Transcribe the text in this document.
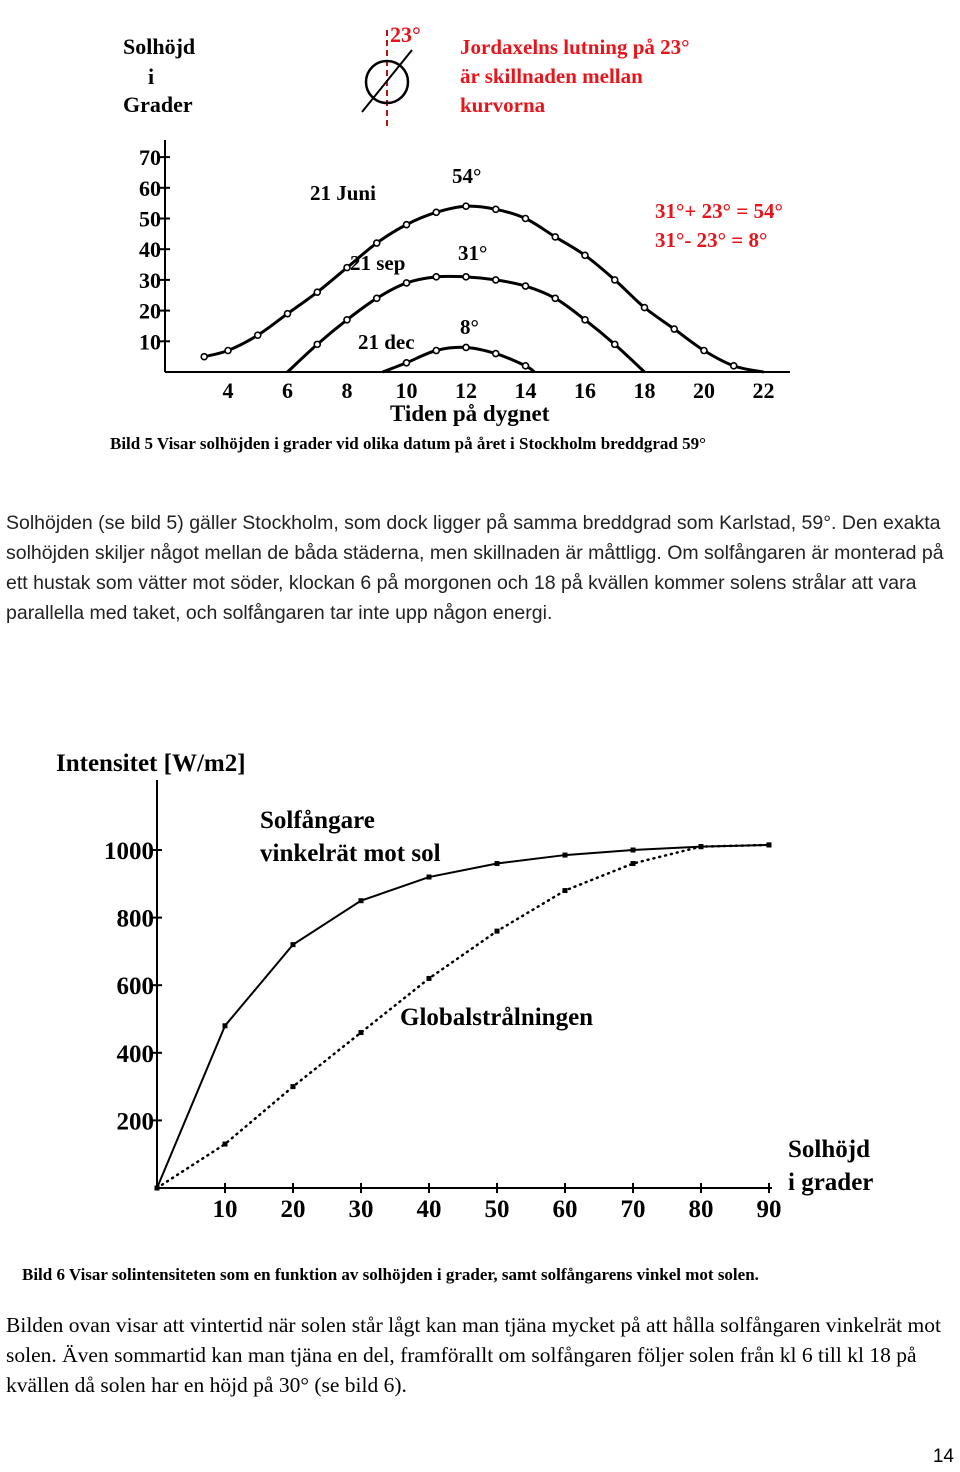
Solhöjd
i
Grader
10
20
30
40
50
60
70
4 6 8 10 12 14 16 18 20 22
Tiden på dygnet
23° Jordaxelns lutning på 23°
är skillnaden mellan
kurvorna
31°+ 23° = 54°
31°- 23° = 8°
21 Juni
21 sep
21 dec
54°
31°
8°
Bild 5 Visar solhöjden i grader vid olika datum på året i Stockholm breddgrad 59°

Solhöjden (se bild 5) gäller Stockholm, som dock ligger på samma breddgrad som Karlstad, 59°. Den exakta solhöjden skiljer något mellan de båda städerna, men skillnaden är måttligg. Om solfångaren är monterad på ett hustak som vätter mot söder, klockan 6 på morgonen och 18 på kvällen kommer solens strålar att vara parallella med taket, och solfångaren tar inte upp någon energi.

Intensitet [W/m2]
200
400
600
800
1000
10 20 30 40 50 60 70 80 90
Solfångare
vinkelrät mot sol
Globalstrålningen
Solhöjd
i grader
Bild 6 Visar solintensiteten som en funktion av solhöjden i grader, samt solfångarens vinkel mot solen.

Bilden ovan visar att vintertid när solen står lågt kan man tjäna mycket på att hålla solfångaren vinkelrät mot solen. Även sommartid kan man tjäna en del, framförallt om solfångaren följer solen från kl 6 till kl 18 på kvällen då solen har en höjd på 30° (se bild 6).

14
